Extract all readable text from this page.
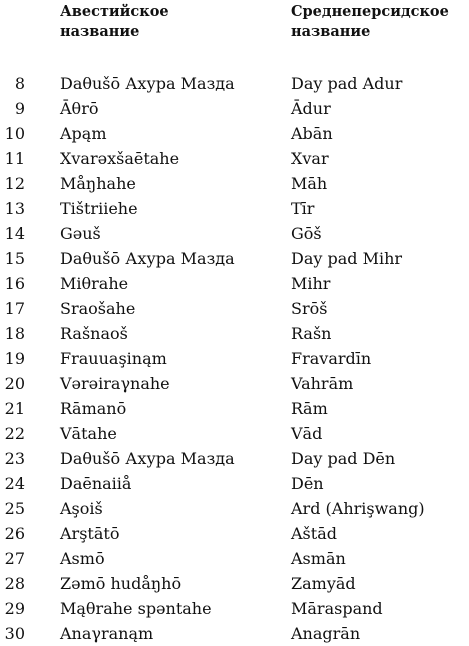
Авестийское
название
Среднеперсидское
название
8 Daθušō Ахура Мазда	Day pad Adur
9 Āθrō	Ādur
10 Apąm	Abān
11 Xvarəxšaētahe	Xvar
12 Måŋhahe	Māh
13 Tištriiehe	Tīr
14 Gəuš	Gōš
15 Daθušō Ахура Мазда	Day pad Mihr
16 Miθrahe	Mihr
17 Sraošahe	Srōš
18 Rašnaoš	Rašn
19 Frauuaşinąm	Fravardīn
20 Vərəiraγnahe	Vahrām
21 Rāmanō	Rām
22 Vātahe	Vād
23 Daθušō Ахура Мазда	Day pad Dēn
24 Daēnaiiå	Dēn
25 Aşoiš	Ard (Ahrişwang)
26 Arştātō	Aštād
27 Asmō	Asmān
28 Zəmō hudåŋhō	Zamyād
29 Mąθrahe spəntahe	Māraspand
30 Anaγranąm	Anagrān
